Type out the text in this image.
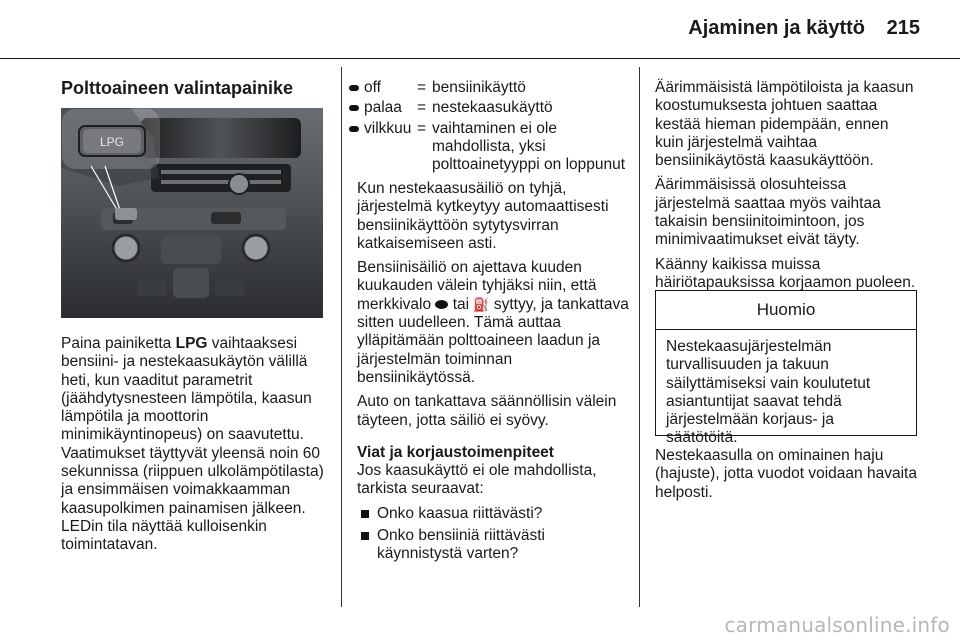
Ajaminen ja käyttö 215
Polttoaineen valintapainike
LPG

Paina painiketta LPG vaihtaaksesi bensiini- ja nestekaasukäytön välillä heti, kun vaaditut parametrit (jäähdytysnesteen lämpötila, kaasun lämpötila ja moottorin minimikäyntinopeus) on saavutettu. Vaatimukset täyttyvät yleensä noin 60 sekunnissa (riippuen ulkolämpötilasta) ja ensimmäisen voimakkaamman kaasupolkimen painamisen jälkeen. LEDin tila näyttää kulloisenkin toimintatavan.

off = bensiinikäyttö
palaa = nestekaasukäyttö
vilkkuu = vaihtaminen ei ole mahdollista, yksi polttoainetyyppi on loppunut

Kun nestekaasusäiliö on tyhjä, järjestelmä kytkeytyy automaattisesti bensiinikäyttöön sytytysvirran katkaisemiseen asti.

Bensiinisäiliö on ajettava kuuden kuukauden välein tyhjäksi niin, että merkkivalo  tai ⛽ syttyy, ja tankattava sitten uudelleen. Tämä auttaa ylläpitämään polttoaineen laadun ja järjestelmän toiminnan bensiinikäytössä.

Auto on tankattava säännöllisin välein täyteen, jotta säiliö ei syövy.

Viat ja korjaustoimenpiteet

Jos kaasukäyttö ei ole mahdollista, tarkista seuraavat:

Onko kaasua riittävästi?
Onko bensiiniä riittävästi käynnistystä varten?

Äärimmäisistä lämpötiloista ja kaasun koostumuksesta johtuen saattaa kestää hieman pidempään, ennen kuin järjestelmä vaihtaa bensiinikäytöstä kaasukäyttöön.

Äärimmäisissä olosuhteissa järjestelmä saattaa myös vaihtaa takaisin bensiinitoimintoon, jos minimivaatimukset eivät täyty.

Käänny kaikissa muissa häiriötapauksissa korjaamon puoleen.

Huomio
Nestekaasujärjestelmän turvallisuuden ja takuun säilyttämiseksi vain koulutetut asiantuntijat saavat tehdä järjestelmään korjaus- ja säätötöitä.

Nestekaasulla on ominainen haju (hajuste), jotta vuodot voidaan havaita helposti.

carmanualsonline.info
